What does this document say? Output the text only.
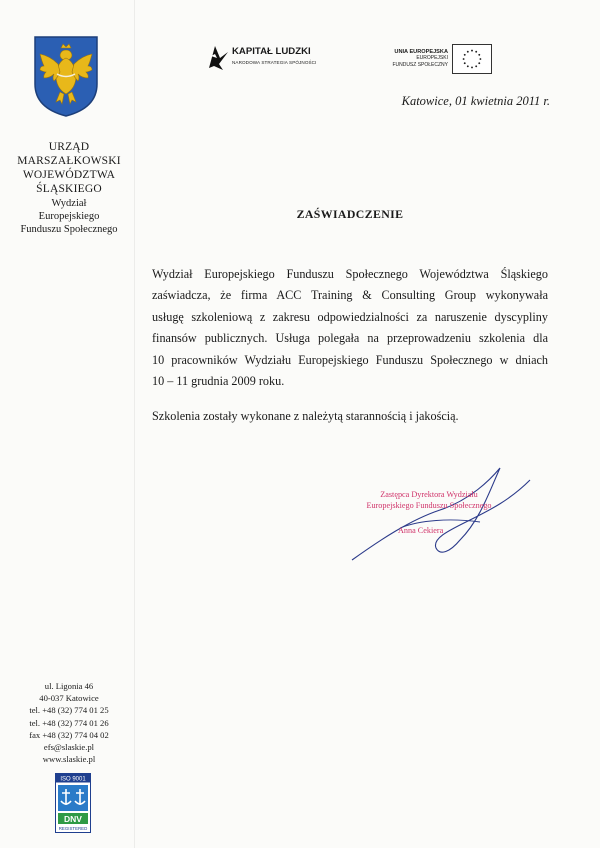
URZĄD MARSZAŁKOWSKI
WOJEWÓDZTWA
ŚLĄSKIEGO
Wydział
Europejskiego
Funduszu Społecznego
ul. Ligonia 46
40-037 Katowice
tel. +48 (32) 774 01 25
tel. +48 (32) 774 01 26
fax +48 (32) 774 04 02
efs@slaskie.pl
www.slaskie.pl
ISO 9001
DNV
REGISTERED
KAPITAŁ LUDZKI
NARODOWA STRATEGIA SPÓJNOŚCI
UNIA EUROPEJSKA
EUROPEJSKI
FUNDUSZ SPOŁECZNY
Katowice, 01 kwietnia 2011 r.
ZAŚWIADCZENIE

Wydział Europejskiego Funduszu Społecznego Województwa Śląskiego
zaświadcza, że firma ACC Training & Consulting Group wykonywała
usługę szkoleniową z zakresu odpowiedzialności za naruszenie dyscypliny
finansów publicznych. Usługa polegała na przeprowadzeniu szkolenia dla
10 pracowników Wydziału Europejskiego Funduszu Społecznego w dniach
10 – 11 grudnia 2009 roku.

Szkolenia zostały wykonane z należytą starannością i jakością.
Zastępca Dyrektora Wydziału
Europejskiego Funduszu Społecznego
Anna Cekiera
